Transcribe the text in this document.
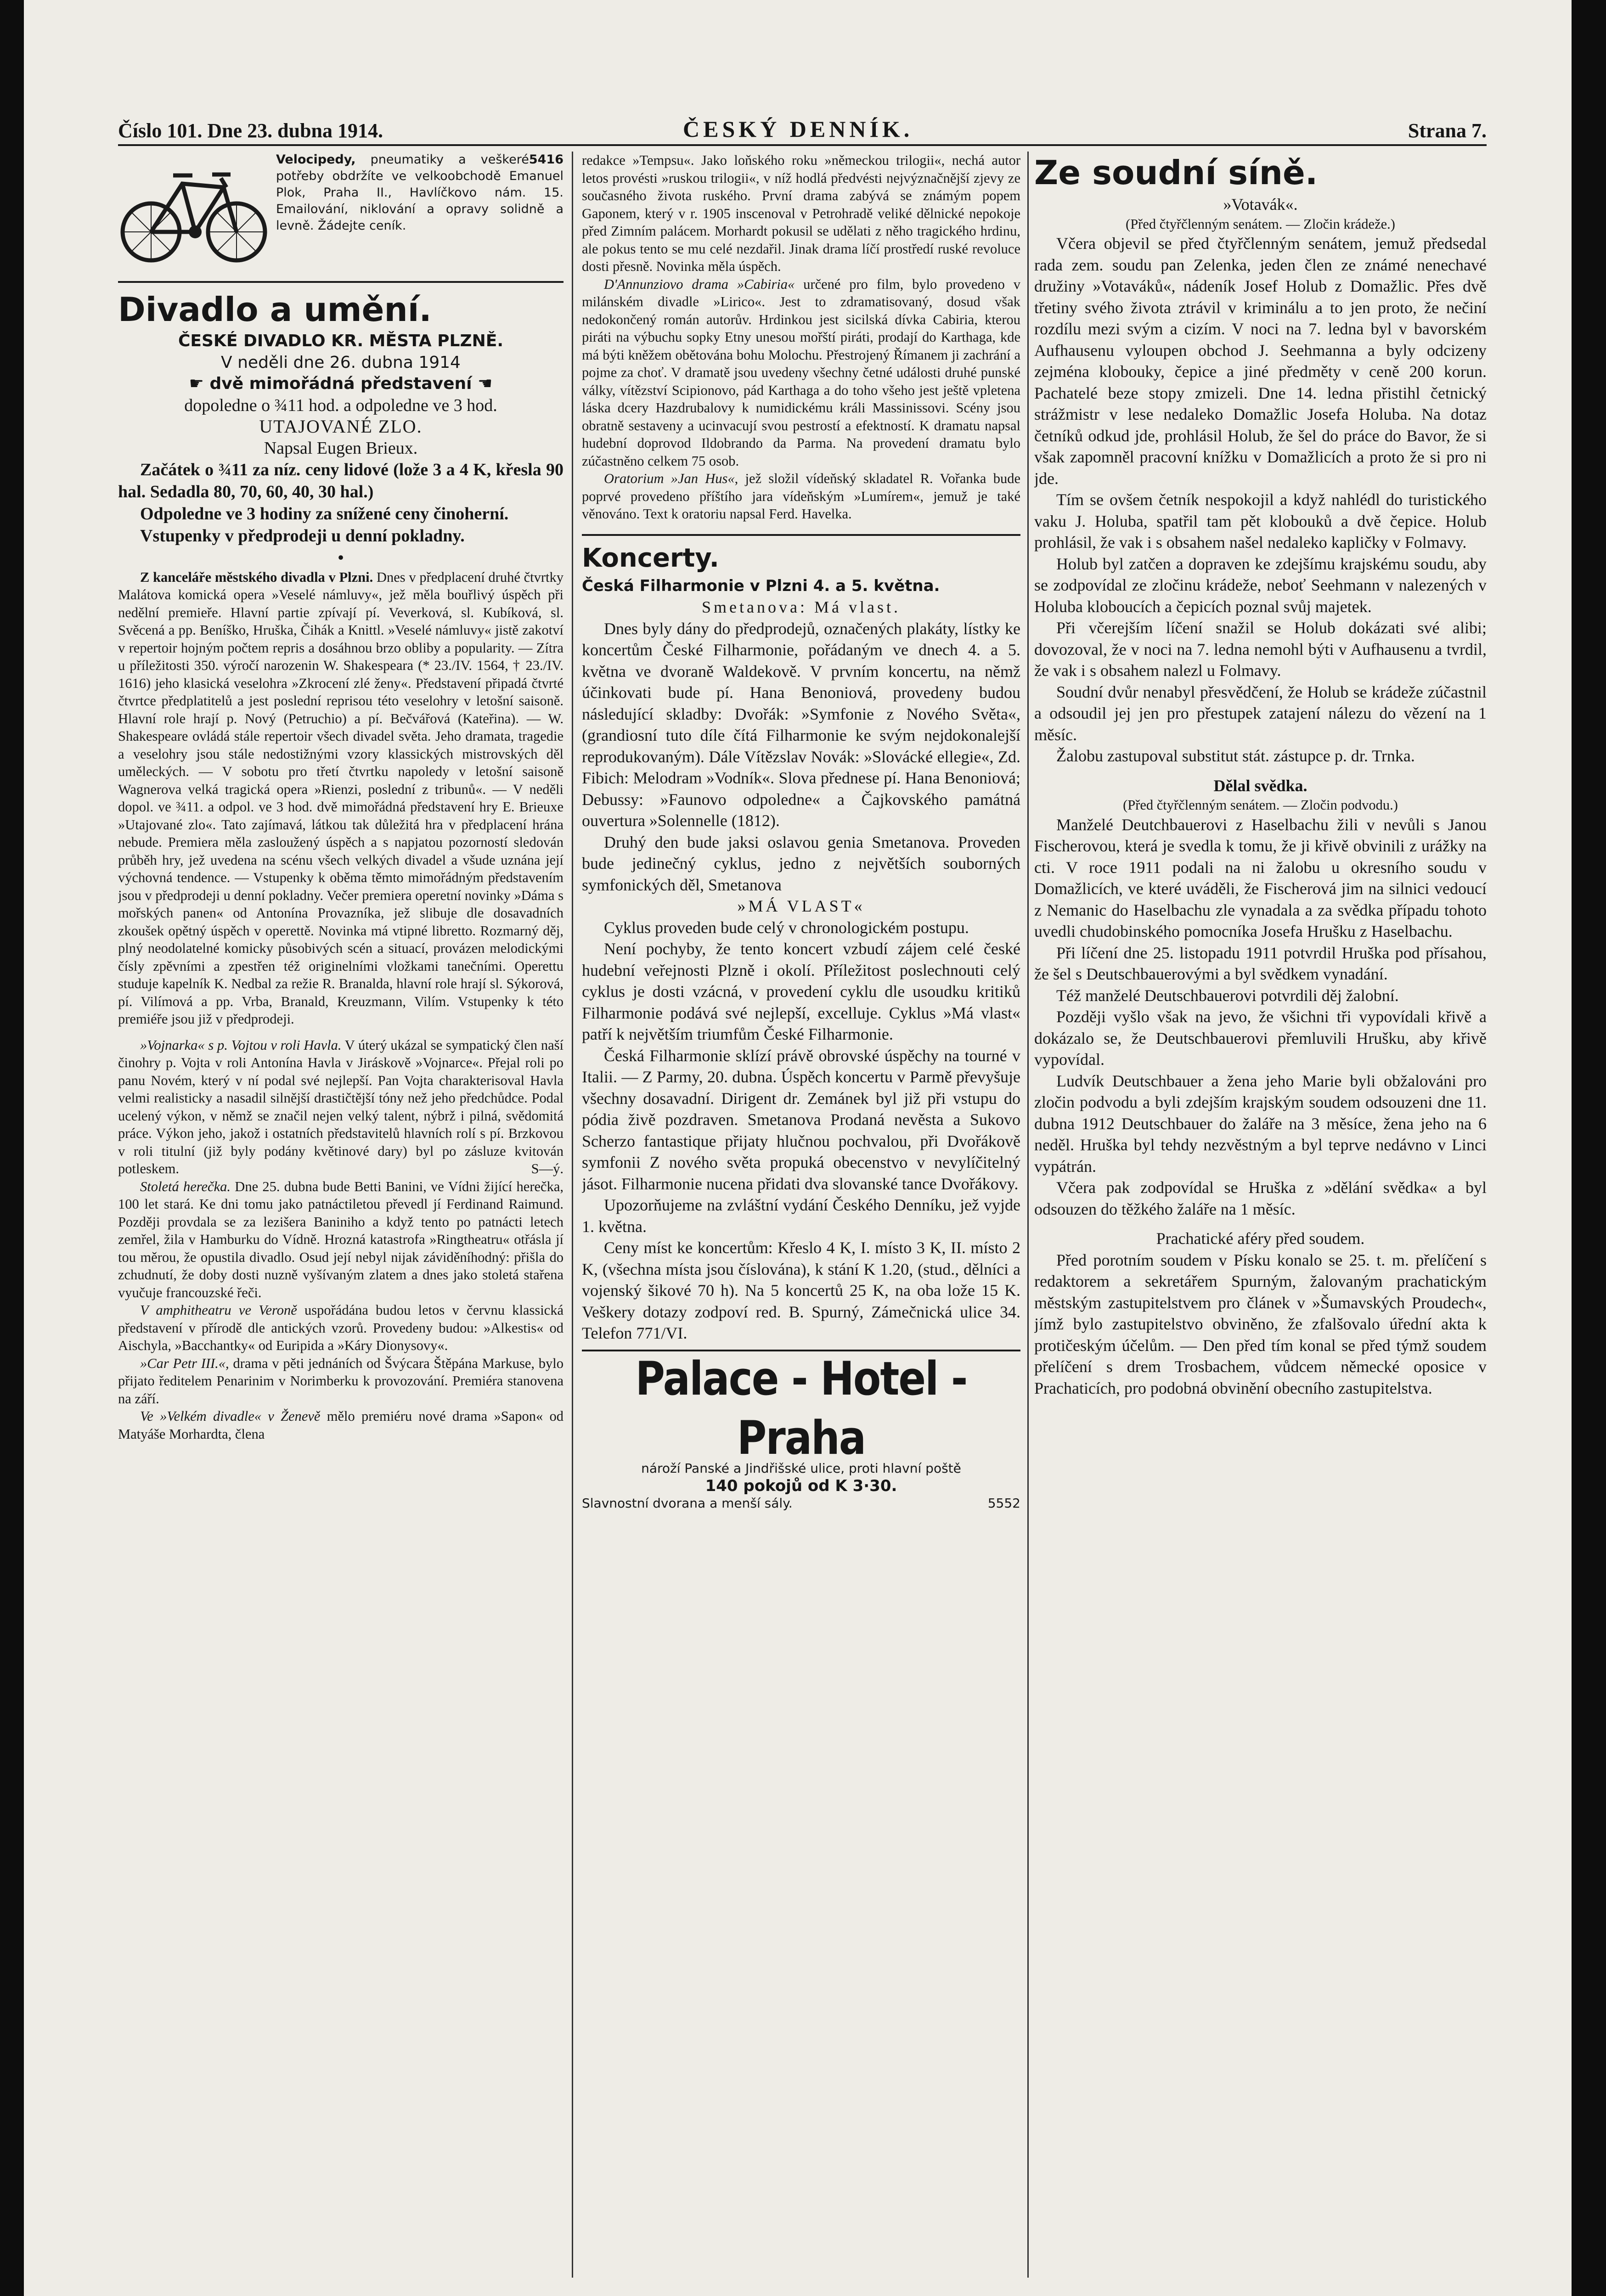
Číslo 101. Dne 23. dubna 1914.	ČESKÝ DENNÍK.	Strana 7.
Velocipedy,	5416
pneumatiky a veškeré potřeby obdržíte ve velkoobchodě Emanuel Plok, Praha II., Havlíčkovo nám. 15. Emailování, niklování a opravy solidně a levně. Žádejte ceník.
Divadlo a umění.

ČESKÉ DIVADLO KR. MĚSTA PLZNĚ.

V neděli dne 26. dubna 1914

☛ dvě mimořádná představení ☚

dopoledne o ¾11 hod. a odpoledne ve 3 hod.

UTAJOVANÉ ZLO.

Napsal Eugen Brieux.

Začátek o ¾11 za níz. ceny lidové (lože 3 a 4 K, křesla 90 hal. Sedadla 80, 70, 60, 40, 30 hal.)

Odpoledne ve 3 hodiny za snížené ceny činoherní.

Vstupenky v předprodeji u denní pokladny.

•

Z kanceláře městského divadla v Plzni. Dnes v předplacení druhé čtvrtky Malátova komická opera »Veselé námluvy«, jež měla bouřlivý úspěch při nedělní premieře. Hlavní partie zpívají pí. Veverková, sl. Kubíková, sl. Svěcená a pp. Beníško, Hruška, Čihák a Knittl. »Veselé námluvy« jistě zakotví v repertoir hojným počtem repris a dosáhnou brzo obliby a popularity. — Zítra u příležitosti 350. výročí narozenin W. Shakespeara (* 23./IV. 1564, † 23./IV. 1616) jeho klasická veselohra »Zkrocení zlé ženy«. Představení připadá čtvrté čtvrtce předplatitelů a jest poslední reprisou této veselohry v letošní saisoně. Hlavní role hrají p. Nový (Petruchio) a pí. Bečvářová (Kateřina). — W. Shakespeare ovládá stále repertoir všech divadel světa. Jeho dramata, tragedie a veselohry jsou stále nedostižnými vzory klassických mistrovských děl uměleckých. — V sobotu pro třetí čtvrtku napoledy v letošní saisoně Wagnerova velká tragická opera »Rienzi, poslední z tribunů«. — V neděli dopol. ve ¾11. a odpol. ve 3 hod. dvě mimořádná představení hry E. Brieuxe »Utajované zlo«. Tato zajímavá, látkou tak důležitá hra v předplacení hrána nebude. Premiera měla zasloužený úspěch a s napjatou pozorností sledován průběh hry, jež uvedena na scénu všech velkých divadel a všude uznána její výchovná tendence. — Vstupenky k oběma těmto mimořádným představením jsou v předprodeji u denní pokladny. Večer premiera operetní novinky »Dáma s mořských panen« od Antonína Provazníka, jež slibuje dle dosavadních zkoušek opětný úspěch v operettě. Novinka má vtipné libretto. Rozmarný děj, plný neodolatelné komicky působivých scén a situací, provázen melodickými čísly zpěvními a zpestřen též originelními vložkami tanečními. Operettu studuje kapelník K. Nedbal za režie R. Branalda, hlavní role hrají sl. Sýkorová, pí. Vilímová a pp. Vrba, Branald, Kreuzmann, Vilím. Vstupenky k této premiéře jsou již v předprodeji.

»Vojnarka« s p. Vojtou v roli Havla. V úterý ukázal se sympatický člen naší činohry p. Vojta v roli Antonína Havla v Jiráskově »Vojnarce«. Přejal roli po panu Novém, který v ní podal své nejlepší. Pan Vojta charakterisoval Havla velmi realisticky a nasadil silnější drastičtější tóny než jeho předchůdce. Podal ucelený výkon, v němž se značil nejen velký talent, nýbrž i pilná, svědomitá práce. Výkon jeho, jakož i ostatních představitelů hlavních rolí s pí. Brzkovou v roli titulní (již byly podány květinové dary) byl po zásluze kvitován potleskem.	S—ý.

Stoletá herečka. Dne 25. dubna bude Betti Banini, ve Vídni žijící herečka, 100 let stará. Ke dni tomu jako patnáctiletou převedl jí Ferdinand Raimund. Později provdala se za lezišera Baniniho a když tento po patnácti letech zemřel, žila v Hamburku do Vídně. Hrozná katastrofa »Ringtheatru« otřásla jí tou měrou, že opustila divadlo. Osud její nebyl nijak záviděníhodný: přišla do zchudnutí, že doby dosti nuzně vyšívaným zlatem a dnes jako stoletá stařena vyučuje francouzské řeči.

V amphitheatru ve Veroně uspořádána budou letos v červnu klassická představení v přírodě dle antických vzorů. Provedeny budou: »Alkestis« od Aischyla, »Bacchantky« od Euripida a »Káry Dionysovy«.

»Car Petr III.«, drama v pěti jednáních od Švýcara Štěpána Markuse, bylo přijato ředitelem Penarinim v Norimberku k provozování. Premiéra stanovena na září.

Ve »Velkém divadle« v Ženevě mělo premiéru nové drama »Sapon« od Matyáše Morhardta, člena

redakce »Tempsu«. Jako loňského roku »německou trilogii«, nechá autor letos provésti »ruskou trilogii«, v níž hodlá předvésti nejvýznačnější zjevy ze současného života ruského. První drama zabývá se známým popem Gaponem, který v r. 1905 inscenoval v Petrohradě veliké dělnické nepokoje před Zimním palácem. Morhardt pokusil se udělati z něho tragického hrdinu, ale pokus tento se mu celé nezdařil. Jinak drama líčí prostředí ruské revoluce dosti přesně. Novinka měla úspěch.

D'Annunziovo drama »Cabiria« určené pro film, bylo provedeno v milánském divadle »Lirico«. Jest to zdramatisovaný, dosud však nedokončený román autorův. Hrdinkou jest sicilská dívka Cabiria, kterou piráti na výbuchu sopky Etny unesou mořští piráti, prodají do Karthaga, kde má býti kněžem obětována bohu Molochu. Přestrojený Římanem ji zachrání a pojme za choť. V dramatě jsou uvedeny všechny četné události druhé punské války, vítězství Scipionovo, pád Karthaga a do toho všeho jest ještě vpletena láska dcery Hazdrubalovy k numidickému králi Massinissovi. Scény jsou obratně sestaveny a ucinvacují svou pestrostí a efektností. K dramatu napsal hudební doprovod Ildobrando da Parma. Na provedení dramatu bylo zúčastněno celkem 75 osob.

Oratorium »Jan Hus«, jež složil vídeňský skladatel R. Vořanka bude poprvé provedeno příštího jara vídeňským »Lumírem«, jemuž je také věnováno. Text k oratoriu napsal Ferd. Havelka.

Koncerty.

Česká Filharmonie v Plzni 4. a 5. května.

Smetanova: Má vlast.

Dnes byly dány do předprodejů, označených plakáty, lístky ke koncertům České Filharmonie, pořádaným ve dnech 4. a 5. května ve dvoraně Waldekově. V prvním koncertu, na němž účinkovati bude pí. Hana Benoniová, provedeny budou následující skladby: Dvořák: »Symfonie z Nového Světa«, (grandiosní tuto díle čítá Filharmonie ke svým nejdokonalejší reprodukovaným). Dále Vítězslav Novák: »Slovácké ellegie«, Zd. Fibich: Melodram »Vodník«. Slova přednese pí. Hana Benoniová; Debussy: »Faunovo odpoledne« a Čajkovského památná ouvertura »Solennelle (1812).

Druhý den bude jaksi oslavou genia Smetanova. Proveden bude jedinečný cyklus, jedno z největších souborných symfonických děl, Smetanova

»MÁ VLAST«

Cyklus proveden bude celý v chronologickém postupu.

Není pochyby, že tento koncert vzbudí zájem celé české hudební veřejnosti Plzně i okolí. Příležitost poslechnouti celý cyklus je dosti vzácná, v provedení cyklu dle usoudku kritiků Filharmonie podává své nejlepší, excelluje. Cyklus »Má vlast« patří k největším triumfům České Filharmonie.

Česká Filharmonie sklízí právě obrovské úspěchy na tourné v Italii. — Z Parmy, 20. dubna. Úspěch koncertu v Parmě převyšuje všechny dosavadní. Dirigent dr. Zemánek byl již při vstupu do pódia živě pozdraven. Smetanova Prodaná nevěsta a Sukovo Scherzo fantastique přijaty hlučnou pochvalou, při Dvořákově symfonii Z nového světa propuká obecenstvo v nevylíčitelný jásot. Filharmonie nucena přidati dva slovanské tance Dvořákovy.

Upozorňujeme na zvláštní vydání Českého Denníku, jež vyjde 1. května.

Ceny míst ke koncertům: Křeslo 4 K, I. místo 3 K, II. místo 2 K, (všechna místa jsou číslována), k stání K 1.20, (stud., dělníci a vojenský šikové 70 h). Na 5 koncertů 25 K, na oba lože 15 K. Veškery dotazy zodpoví red. B. Spurný, Zámečnická ulice 34. Telefon 771/VI.

Palace - Hotel - Praha
nároží Panské a Jindřišské ulice, proti hlavní poště
140 pokojů od K 3·30.
Slavnostní dvorana a menší sály.	5552
Ze soudní síně.

»Votavák«.

(Před čtyřčlenným senátem. — Zločin krádeže.)

Včera objevil se před čtyřčlenným senátem, jemuž předsedal rada zem. soudu pan Zelenka, jeden člen ze známé nenechavé družiny »Votaváků«, nádeník Josef Holub z Domažlic. Přes dvě třetiny svého života ztrávil v kriminálu a to jen proto, že nečiní rozdílu mezi svým a cizím. V noci na 7. ledna byl v bavorském Aufhausenu vyloupen obchod J. Seehmanna a byly odcizeny zejména klobouky, čepice a jiné předměty v ceně 200 korun. Pachatelé beze stopy zmizeli. Dne 14. ledna přistihl četnický strážmistr v lese nedaleko Domažlic Josefa Holuba. Na dotaz četníků odkud jde, prohlásil Holub, že šel do práce do Bavor, že si však zapomněl pracovní knížku v Domažlicích a proto že si pro ni jde.

Tím se ovšem četník nespokojil a když nahlédl do turistického vaku J. Holuba, spatřil tam pět klobouků a dvě čepice. Holub prohlásil, že vak i s obsahem našel nedaleko kapličky v Folmavy.

Holub byl zatčen a dopraven ke zdejšímu krajskému soudu, aby se zodpovídal ze zločinu krádeže, neboť Seehmann v nalezených v Holuba kloboucích a čepicích poznal svůj majetek.

Při včerejším líčení snažil se Holub dokázati své alibi; dovozoval, že v noci na 7. ledna nemohl býti v Aufhausenu a tvrdil, že vak i s obsahem nalezl u Folmavy.

Soudní dvůr nenabyl přesvědčení, že Holub se krádeže zúčastnil a odsoudil jej jen pro přestupek zatajení nálezu do vězení na 1 měsíc.

Žalobu zastupoval substitut stát. zástupce p. dr. Trnka.

Dělal svědka.

(Před čtyřčlenným senátem. — Zločin podvodu.)

Manželé Deutchbauerovi z Haselbachu žili v nevůli s Janou Fischerovou, která je svedla k tomu, že ji křivě obvinili z urážky na cti. V roce 1911 podali na ni žalobu u okresního soudu v Domažlicích, ve které uváděli, že Fischerová jim na silnici vedoucí z Nemanic do Haselbachu zle vynadala a za svědka případu tohoto uvedli chudobinského pomocníka Josefa Hrušku z Haselbachu.

Při líčení dne 25. listopadu 1911 potvrdil Hruška pod přísahou, že šel s Deutschbauerovými a byl svědkem vynadání.

Též manželé Deutschbauerovi potvrdili děj žalobní.

Později vyšlo však na jevo, že všichni tři vypovídali křivě a dokázalo se, že Deutschbauerovi přemluvili Hrušku, aby křivě vypovídal.

Ludvík Deutschbauer a žena jeho Marie byli obžalováni pro zločin podvodu a byli zdejším krajským soudem odsouzeni dne 11. dubna 1912 Deutschbauer do žaláře na 3 měsíce, žena jeho na 6 neděl. Hruška byl tehdy nezvěstným a byl teprve nedávno v Linci vypátrán.

Včera pak zodpovídal se Hruška z »dělání svědka« a byl odsouzen do těžkého žaláře na 1 měsíc.

Prachatické aféry před soudem.

Před porotním soudem v Písku konalo se 25. t. m. přelíčení s redaktorem a sekretářem Spurným, žalovaným prachatickým městským zastupitelstvem pro článek v »Šumavských Proudech«, jímž bylo zastupitelstvo obviněno, že zfalšovalo úřední akta k protičeským účelům. — Den před tím konal se před týmž soudem přelíčení s drem Trosbachem, vůdcem německé oposice v Prachaticích, pro podobná obvinění obecního zastupitelstva.
